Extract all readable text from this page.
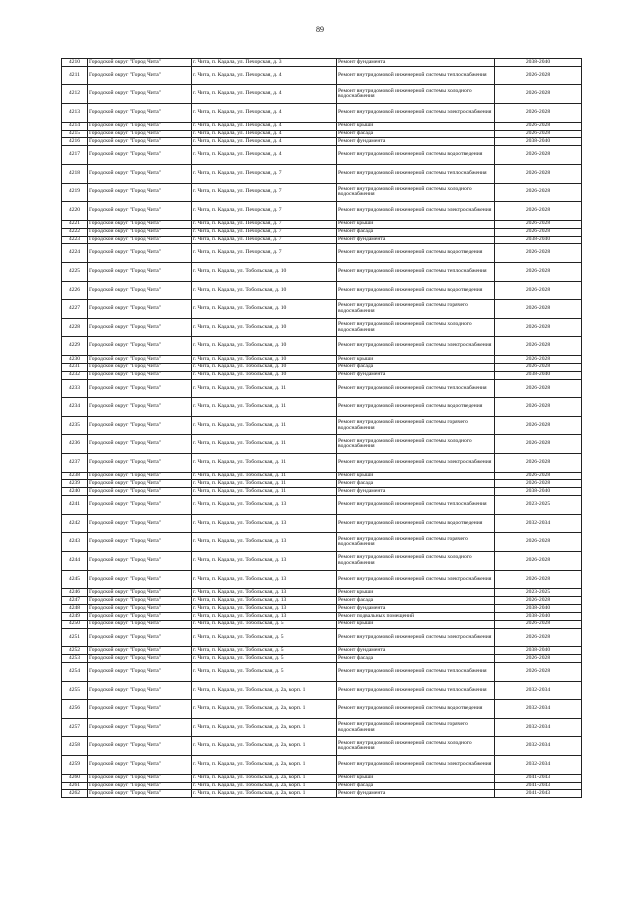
89
4210	Городской округ "Город Чита"	г. Чита, п. Кадала, ул. Печорская, д. 3	Ремонт фундамента	2038-2040
4211	Городской округ "Город Чита"	г. Чита, п. Кадала, ул. Печорская, д. 4	Ремонт внутридомовой инженерной системы теплоснабжения	2026-2028
4212	Городской округ "Город Чита"	г. Чита, п. Кадала, ул. Печорская, д. 4	Ремонт внутридомовой инженерной системы холодного водоснабжения	2026-2028
4213	Городской округ "Город Чита"	г. Чита, п. Кадала, ул. Печорская, д. 4	Ремонт внутридомовой инженерной системы электроснабжения	2026-2028
4214	Городской округ "Город Чита"	г. Чита, п. Кадала, ул. Печорская, д. 4	Ремонт крыши	2026-2028
4215	Городской округ "Город Чита"	г. Чита, п. Кадала, ул. Печорская, д. 4	Ремонт фасада	2026-2028
4216	Городской округ "Город Чита"	г. Чита, п. Кадала, ул. Печорская, д. 4	Ремонт фундамента	2038-2040
4217	Городской округ "Город Чита"	г. Чита, п. Кадала, ул. Печорская, д. 4	Ремонт внутридомовой инженерной системы водоотведения	2026-2028
4218	Городской округ "Город Чита"	г. Чита, п. Кадала, ул. Печорская, д. 7	Ремонт внутридомовой инженерной системы теплоснабжения	2026-2028
4219	Городской округ "Город Чита"	г. Чита, п. Кадала, ул. Печорская, д. 7	Ремонт внутридомовой инженерной системы холодного водоснабжения	2026-2028
4220	Городской округ "Город Чита"	г. Чита, п. Кадала, ул. Печорская, д. 7	Ремонт внутридомовой инженерной системы электроснабжения	2026-2028
4221	Городской округ "Город Чита"	г. Чита, п. Кадала, ул. Печорская, д. 7	Ремонт крыши	2026-2028
4222	Городской округ "Город Чита"	г. Чита, п. Кадала, ул. Печорская, д. 7	Ремонт фасада	2026-2028
4223	Городской округ "Город Чита"	г. Чита, п. Кадала, ул. Печорская, д. 7	Ремонт фундамента	2038-2040
4224	Городской округ "Город Чита"	г. Чита, п. Кадала, ул. Печорская, д. 7	Ремонт внутридомовой инженерной системы водоотведения	2026-2028
4225	Городской округ "Город Чита"	г. Чита, п. Кадала, ул. Тобольская, д. 10	Ремонт внутридомовой инженерной системы теплоснабжения	2026-2028
4226	Городской округ "Город Чита"	г. Чита, п. Кадала, ул. Тобольская, д. 10	Ремонт внутридомовой инженерной системы водоотведения	2026-2028
4227	Городской округ "Город Чита"	г. Чита, п. Кадала, ул. Тобольская, д. 10	Ремонт внутридомовой инженерной системы горячего водоснабжения	2026-2028
4228	Городской округ "Город Чита"	г. Чита, п. Кадала, ул. Тобольская, д. 10	Ремонт внутридомовой инженерной системы холодного водоснабжения	2026-2028
4229	Городской округ "Город Чита"	г. Чита, п. Кадала, ул. Тобольская, д. 10	Ремонт внутридомовой инженерной системы электроснабжения	2026-2028
4230	Городской округ "Город Чита"	г. Чита, п. Кадала, ул. Тобольская, д. 10	Ремонт крыши	2026-2028
4231	Городской округ "Город Чита"	г. Чита, п. Кадала, ул. Тобольская, д. 10	Ремонт фасада	2026-2028
4232	Городской округ "Город Чита"	г. Чита, п. Кадала, ул. Тобольская, д. 10	Ремонт фундамента	2038-2040
4233	Городской округ "Город Чита"	г. Чита, п. Кадала, ул. Тобольская, д. 11	Ремонт внутридомовой инженерной системы теплоснабжения	2026-2028
4234	Городской округ "Город Чита"	г. Чита, п. Кадала, ул. Тобольская, д. 11	Ремонт внутридомовой инженерной системы водоотведения	2026-2028
4235	Городской округ "Город Чита"	г. Чита, п. Кадала, ул. Тобольская, д. 11	Ремонт внутридомовой инженерной системы горячего водоснабжения	2026-2028
4236	Городской округ "Город Чита"	г. Чита, п. Кадала, ул. Тобольская, д. 11	Ремонт внутридомовой инженерной системы холодного водоснабжения	2026-2028
4237	Городской округ "Город Чита"	г. Чита, п. Кадала, ул. Тобольская, д. 11	Ремонт внутридомовой инженерной системы электроснабжения	2026-2028
4238	Городской округ "Город Чита"	г. Чита, п. Кадала, ул. Тобольская, д. 11	Ремонт крыши	2026-2028
4239	Городской округ "Город Чита"	г. Чита, п. Кадала, ул. Тобольская, д. 11	Ремонт фасада	2026-2028
4240	Городской округ "Город Чита"	г. Чита, п. Кадала, ул. Тобольская, д. 11	Ремонт фундамента	2038-2040
4241	Городской округ "Город Чита"	г. Чита, п. Кадала, ул. Тобольская, д. 13	Ремонт внутридомовой инженерной системы теплоснабжения	2023-2025
4242	Городской округ "Город Чита"	г. Чита, п. Кадала, ул. Тобольская, д. 13	Ремонт внутридомовой инженерной системы водоотведения	2032-2034
4243	Городской округ "Город Чита"	г. Чита, п. Кадала, ул. Тобольская, д. 13	Ремонт внутридомовой инженерной системы горячего водоснабжения	2026-2028
4244	Городской округ "Город Чита"	г. Чита, п. Кадала, ул. Тобольская, д. 13	Ремонт внутридомовой инженерной системы холодного водоснабжения	2026-2028
4245	Городской округ "Город Чита"	г. Чита, п. Кадала, ул. Тобольская, д. 13	Ремонт внутридомовой инженерной системы электроснабжения	2026-2028
4246	Городской округ "Город Чита"	г. Чита, п. Кадала, ул. Тобольская, д. 13	Ремонт крыши	2023-2025
4247	Городской округ "Город Чита"	г. Чита, п. Кадала, ул. Тобольская, д. 13	Ремонт фасада	2026-2028
4248	Городской округ "Город Чита"	г. Чита, п. Кадала, ул. Тобольская, д. 13	Ремонт фундамента	2038-2040
4249	Городской округ "Город Чита"	г. Чита, п. Кадала, ул. Тобольская, д. 13	Ремонт подвальных помещений	2038-2040
4250	Городской округ "Город Чита"	г. Чита, п. Кадала, ул. Тобольская, д. 5	Ремонт крыши	2026-2028
4251	Городской округ "Город Чита"	г. Чита, п. Кадала, ул. Тобольская, д. 5	Ремонт внутридомовой инженерной системы электроснабжения	2026-2028
4252	Городской округ "Город Чита"	г. Чита, п. Кадала, ул. Тобольская, д. 5	Ремонт фундамента	2038-2040
4253	Городской округ "Город Чита"	г. Чита, п. Кадала, ул. Тобольская, д. 5	Ремонт фасада	2026-2028
4254	Городской округ "Город Чита"	г. Чита, п. Кадала, ул. Тобольская, д. 5	Ремонт внутридомовой инженерной системы теплоснабжения	2026-2028
4255	Городской округ "Город Чита"	г. Чита, п. Кадала, ул. Тобольская, д. 2а, корп. 1	Ремонт внутридомовой инженерной системы теплоснабжения	2032-2034
4256	Городской округ "Город Чита"	г. Чита, п. Кадала, ул. Тобольская, д. 2а, корп. 1	Ремонт внутридомовой инженерной системы водоотведения	2032-2034
4257	Городской округ "Город Чита"	г. Чита, п. Кадала, ул. Тобольская, д. 2а, корп. 1	Ремонт внутридомовой инженерной системы горячего водоснабжения	2032-2034
4258	Городской округ "Город Чита"	г. Чита, п. Кадала, ул. Тобольская, д. 2а, корп. 1	Ремонт внутридомовой инженерной системы холодного водоснабжения	2032-2034
4259	Городской округ "Город Чита"	г. Чита, п. Кадала, ул. Тобольская, д. 2а, корп. 1	Ремонт внутридомовой инженерной системы электроснабжения	2032-2034
4260	Городской округ "Город Чита"	г. Чита, п. Кадала, ул. Тобольская, д. 2а, корп. 1	Ремонт крыши	2041-2043
4261	Городской округ "Город Чита"	г. Чита, п. Кадала, ул. Тобольская, д. 2а, корп. 1	Ремонт фасада	2041-2043
4262	Городской округ "Город Чита"	г. Чита, п. Кадала, ул. Тобольская, д. 2а, корп. 1	Ремонт фундамента	2041-2043
